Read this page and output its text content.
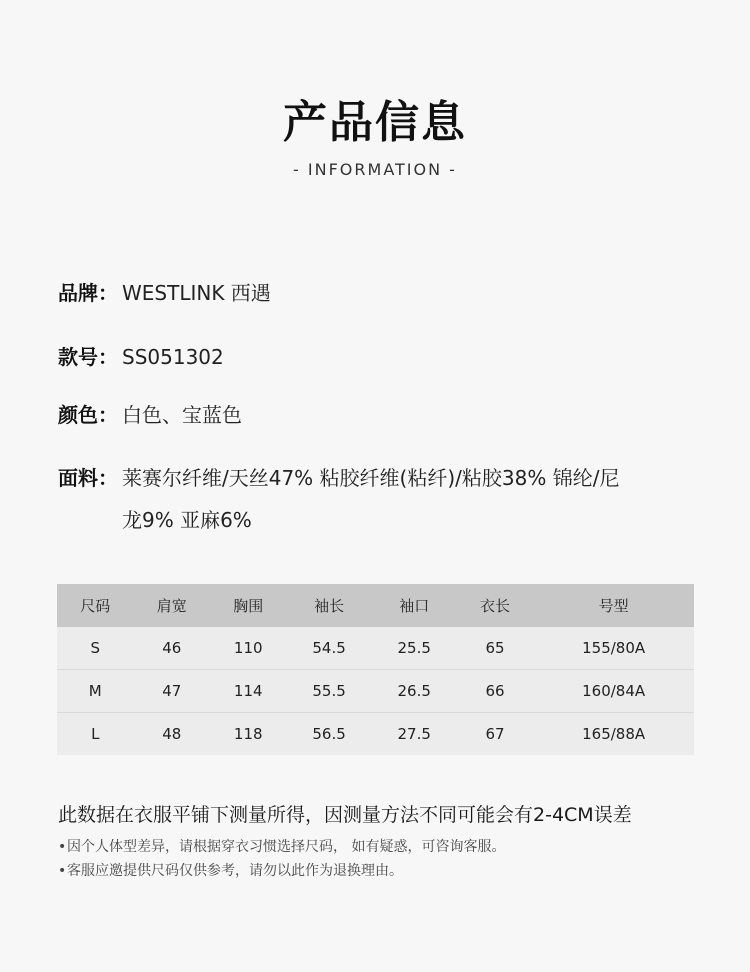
产品信息
- INFORMATION -
品牌： WESTLINK 西遇
款号： SS051302
颜色： 白色、宝蓝色
面料： 莱赛尔纤维/天丝47% 粘胶纤维(粘纤)/粘胶38% 锦纶/尼
龙9% 亚麻6%
尺码	肩宽	胸围	袖长	袖口	衣长	号型
S	46	110	54.5	25.5	65	155/80A
M	47	114	55.5	26.5	66	160/84A
L	48	118	56.5	27.5	67	165/88A
此数据在衣服平铺下测量所得，因测量方法不同可能会有2-4CM误差
•因个人体型差异，请根据穿衣习惯选择尺码， 如有疑惑，可咨询客服。
•客服应邀提供尺码仅供参考，请勿以此作为退换理由。
